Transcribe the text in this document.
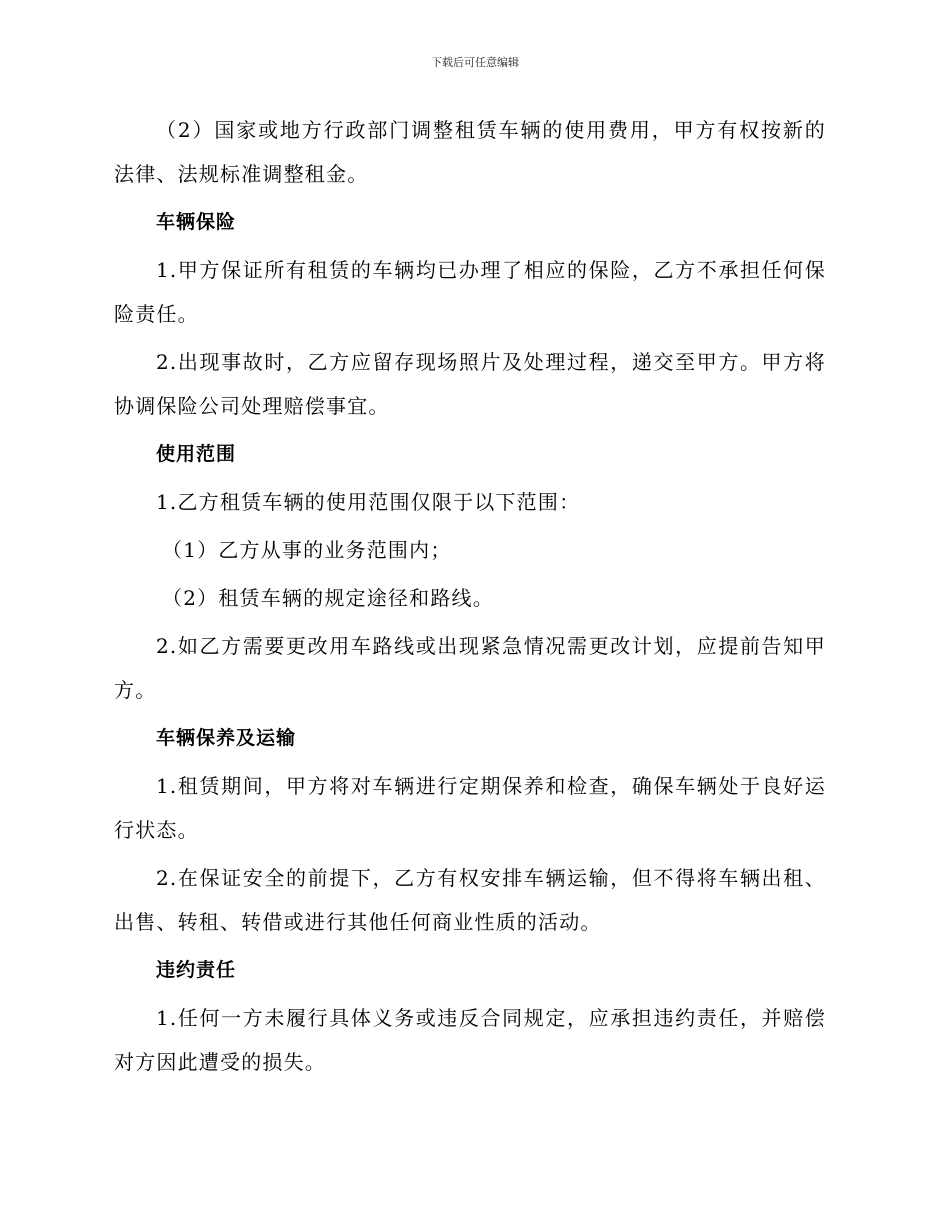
下载后可任意编辑

（2）国家或地方行政部门调整租赁车辆的使用费用，甲方有权按新的法律、法规标准调整租金。

车辆保险

1.甲方保证所有租赁的车辆均已办理了相应的保险，乙方不承担任何保险责任。

2.出现事故时，乙方应留存现场照片及处理过程，递交至甲方。甲方将协调保险公司处理赔偿事宜。

使用范围

1.乙方租赁车辆的使用范围仅限于以下范围：

（1）乙方从事的业务范围内；

（2）租赁车辆的规定途径和路线。

2.如乙方需要更改用车路线或出现紧急情况需更改计划，应提前告知甲方。

车辆保养及运输

1.租赁期间，甲方将对车辆进行定期保养和检查，确保车辆处于良好运行状态。

2.在保证安全的前提下，乙方有权安排车辆运输，但不得将车辆出租、出售、转租、转借或进行其他任何商业性质的活动。

违约责任

1.任何一方未履行具体义务或违反合同规定，应承担违约责任，并赔偿对方因此遭受的损失。
